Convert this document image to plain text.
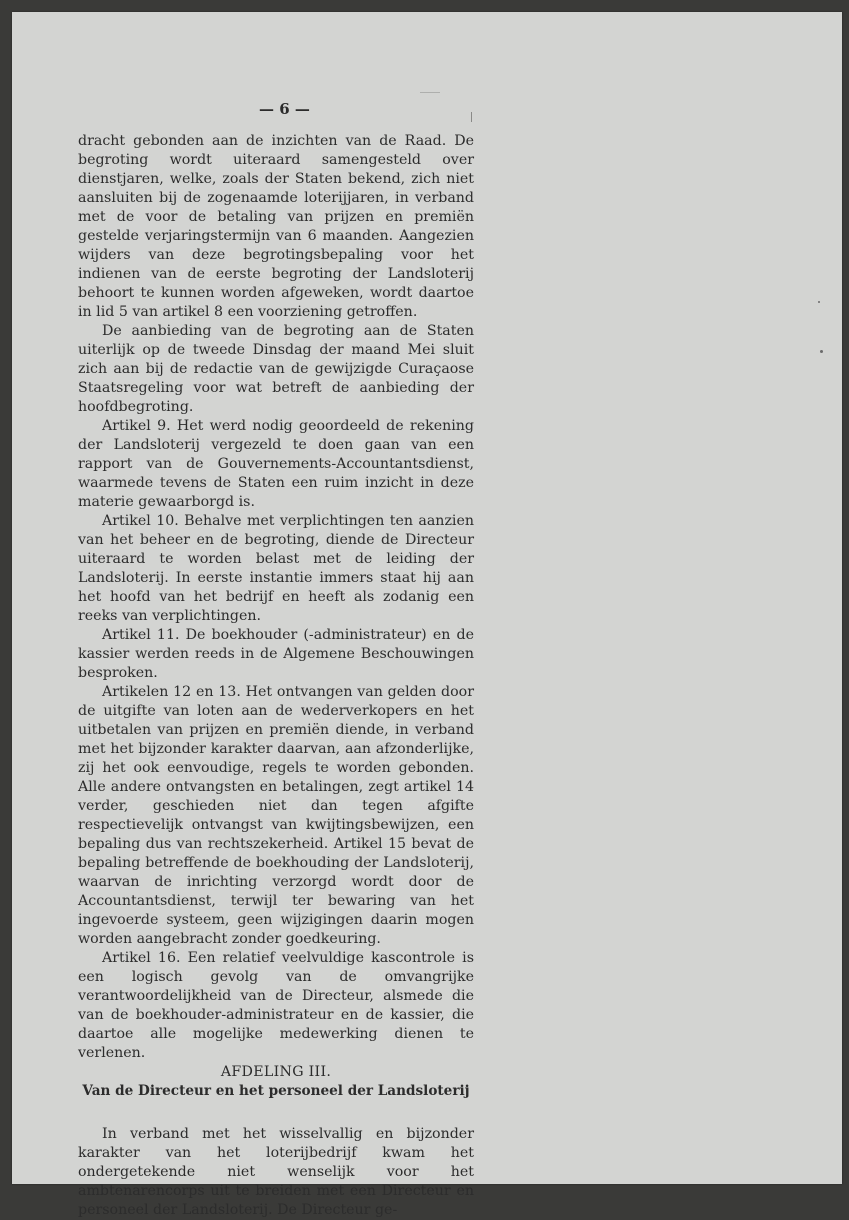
— 6 —

dracht gebonden aan de inzichten van de Raad. De begroting wordt uiteraard samengesteld over dienstjaren, welke, zoals der Staten bekend, zich niet aansluiten bij de zogenaamde loterijjaren, in verband met de voor de betaling van prijzen en premiën gestelde verjaringstermijn van 6 maanden. Aangezien wijders van deze begrotingsbepaling voor het indienen van de eerste begroting der Landsloterij behoort te kunnen worden afgeweken, wordt daartoe in lid 5 van artikel 8 een voorziening getroffen.

De aanbieding van de begroting aan de Staten uiterlijk op de tweede Dinsdag der maand Mei sluit zich aan bij de redactie van de gewijzigde Curaçaose Staatsregeling voor wat betreft de aanbieding der hoofdbegroting.

Artikel 9. Het werd nodig geoordeeld de rekening der Landsloterij vergezeld te doen gaan van een rapport van de Gouvernements-Accountantsdienst, waarmede tevens de Staten een ruim inzicht in deze materie gewaarborgd is.

Artikel 10. Behalve met verplichtingen ten aanzien van het beheer en de begroting, diende de Directeur uiteraard te worden belast met de leiding der Landsloterij. In eerste instantie immers staat hij aan het hoofd van het bedrijf en heeft als zodanig een reeks van verplichtingen.

Artikel 11. De boekhouder (-administrateur) en de kassier werden reeds in de Algemene Beschouwingen besproken.

Artikelen 12 en 13. Het ontvangen van gelden door de uitgifte van loten aan de wederverkopers en het uitbetalen van prijzen en premiën diende, in verband met het bijzonder karakter daarvan, aan afzonderlijke, zij het ook eenvoudige, regels te worden gebonden. Alle andere ontvangsten en betalingen, zegt artikel 14 verder, geschieden niet dan tegen afgifte respectievelijk ontvangst van kwijtingsbewijzen, een bepaling dus van rechtszekerheid. Artikel 15 bevat de bepaling betreffende de boekhouding der Landsloterij, waarvan de inrichting verzorgd wordt door de Accountantsdienst, terwijl ter bewaring van het ingevoerde systeem, geen wijzigingen daarin mogen worden aangebracht zonder goedkeuring.

Artikel 16. Een relatief veelvuldige kascontrole is een logisch gevolg van de omvangrijke verantwoordelijkheid van de Directeur, alsmede die van de boekhouder-administrateur en de kassier, die daartoe alle mogelijke medewerking dienen te verlenen.

AFDELING III.

Van de Directeur en het personeel der Landsloterij

In verband met het wisselvallig en bijzonder karakter van het loterijbedrijf kwam het ondergetekende niet wenselijk voor het ambtenarencorps uit te breiden met een Directeur en personeel der Landsloterij. De Directeur ge-
